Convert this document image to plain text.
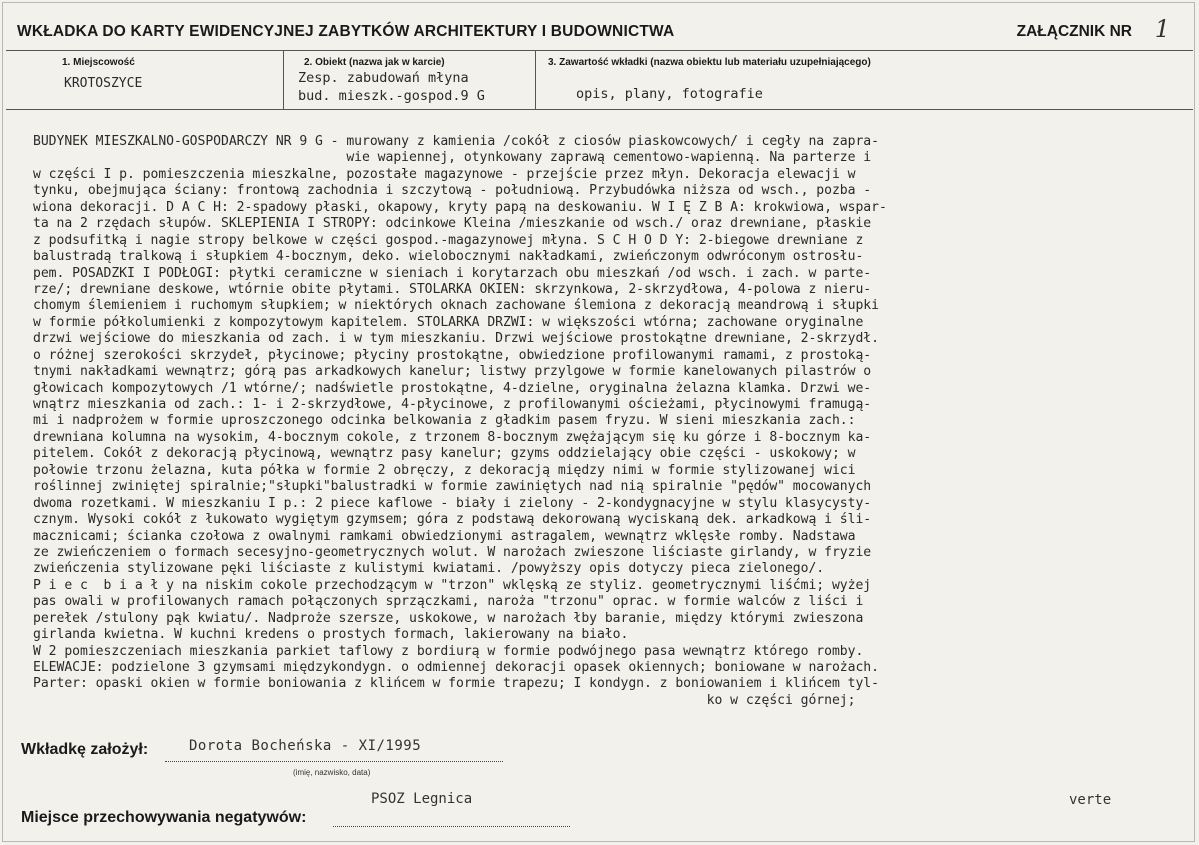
WKŁADKA DO KARTY EWIDENCYJNEJ ZABYTKÓW ARCHITEKTURY I BUDOWNICTWA	ZAŁĄCZNIK NR 1
1. Miejscowość
KROTOSZYCE
2. Obiekt (nazwa jak w karcie)
Zesp. zabudowań młyna
bud. mieszk.-gospod.9 G
3. Zawartość wkładki (nazwa obiektu lub materiału uzupełniającego)
opis, plany, fotografie
BUDYNEK MIESZKALNO-GOSPODARCZY NR 9 G - murowany z kamienia /cokół z ciosów piaskowcowych/ i cegły na zapra-
wie wapiennej, otynkowany zaprawą cementowo-wapienną. Na parterze i
w części I p. pomieszczenia mieszkalne, pozostałe magazynowe - przejście przez młyn. Dekoracja elewacji w
tynku, obejmująca ściany: frontową zachodnia i szczytową - południową. Przybudówka niższa od wsch., pozba -
wiona dekoracji. D A C H: 2-spadowy płaski, okapowy, kryty papą na deskowaniu. W I Ę Z B A: krokwiowa, wspar-
ta na 2 rzędach słupów. SKLEPIENIA I STROPY: odcinkowe Kleina /mieszkanie od wsch./ oraz drewniane, płaskie
z podsufitką i nagie stropy belkowe w części gospod.-magazynowej młyna. S C H O D Y: 2-biegowe drewniane z
balustradą tralkową i słupkiem 4-bocznym, deko. wielobocznymi nakładkami, zwieńczonym odwróconym ostrosłu-
pem. POSADZKI I PODŁOGI: płytki ceramiczne w sieniach i korytarzach obu mieszkań /od wsch. i zach. w parte-
rze/; drewniane deskowe, wtórnie obite płytami. STOLARKA OKIEN: skrzynkowa, 2-skrzydłowa, 4-polowa z nieru-
chomym ślemieniem i ruchomym słupkiem; w niektórych oknach zachowane ślemiona z dekoracją meandrową i słupki
w formie półkolumienki z kompozytowym kapitelem. STOLARKA DRZWI: w większości wtórna; zachowane oryginalne
drzwi wejściowe do mieszkania od zach. i w tym mieszkaniu. Drzwi wejściowe prostokątne drewniane, 2-skrzydł.
o różnej szerokości skrzydeł, płycinowe; płyciny prostokątne, obwiedzione profilowanymi ramami, z prostoką-
tnymi nakładkami wewnątrz; górą pas arkadkowych kanelur; listwy przylgowe w formie kanelowanych pilastrów o
głowicach kompozytowych /1 wtórne/; nadświetle prostokątne, 4-dzielne, oryginalna żelazna klamka. Drzwi we-
wnątrz mieszkania od zach.: 1- i 2-skrzydłowe, 4-płycinowe, z profilowanymi ościeżami, płycinowymi framugą-
mi i nadprożem w formie uproszczonego odcinka belkowania z gładkim pasem fryzu. W sieni mieszkania zach.:
drewniana kolumna na wysokim, 4-bocznym cokole, z trzonem 8-bocznym zwężającym się ku górze i 8-bocznym ka-
pitelem. Cokół z dekoracją płycinową, wewnątrz pasy kanelur; gzyms oddzielający obie części - uskokowy; w
połowie trzonu żelazna, kuta półka w formie 2 obręczy, z dekoracją między nimi w formie stylizowanej wici
roślinnej zwiniętej spiralnie;"słupki"balustradki w formie zawiniętych nad nią spiralnie "pędów" mocowanych
dwoma rozetkami. W mieszkaniu I p.: 2 piece kaflowe - biały i zielony - 2-kondygnacyjne w stylu klasycysty-
cznym. Wysoki cokół z łukowato wygiętym gzymsem; góra z podstawą dekorowaną wyciskaną dek. arkadkową i śli-
macznicami; ścianka czołowa z owalnymi ramkami obwiedzionymi astragalem, wewnątrz wklęsłe romby. Nadstawa
ze zwieńczeniem o formach secesyjno-geometrycznych wolut. W narożach zwieszone liściaste girlandy, w fryzie
zwieńczenia stylizowane pęki liściaste z kulistymi kwiatami. /powyższy opis dotyczy pieca zielonego/.
P i e c  b i a ł y na niskim cokole przechodzącym w "trzon" wklęską ze styliz. geometrycznymi liśćmi; wyżej
pas owali w profilowanych ramach połączonych sprzączkami, naroża "trzonu" oprac. w formie walców z liści i
perełek /stulony pąk kwiatu/. Nadproże szersze, uskokowe, w narożach łby baranie, między którymi zwieszona
girlanda kwietna. W kuchni kredens o prostych formach, lakierowany na biało.
W 2 pomieszczeniach mieszkania parkiet taflowy z bordiurą w formie podwójnego pasa wewnątrz którego romby.
ELEWACJE: podzielone 3 gzymsami międzykondygn. o odmiennej dekoracji opasek okiennych; boniowane w narożach.
Parter: opaski okien w formie boniowania z klińcem w formie trapezu; I kondygn. z boniowaniem i klińcem tyl-
ko w części górnej;
Wkładkę założył:	Dorota Bocheńska - XI/1995
(imię, nazwisko, data)
Miejsce przechowywania negatywów:
PSOZ Legnica	verte
